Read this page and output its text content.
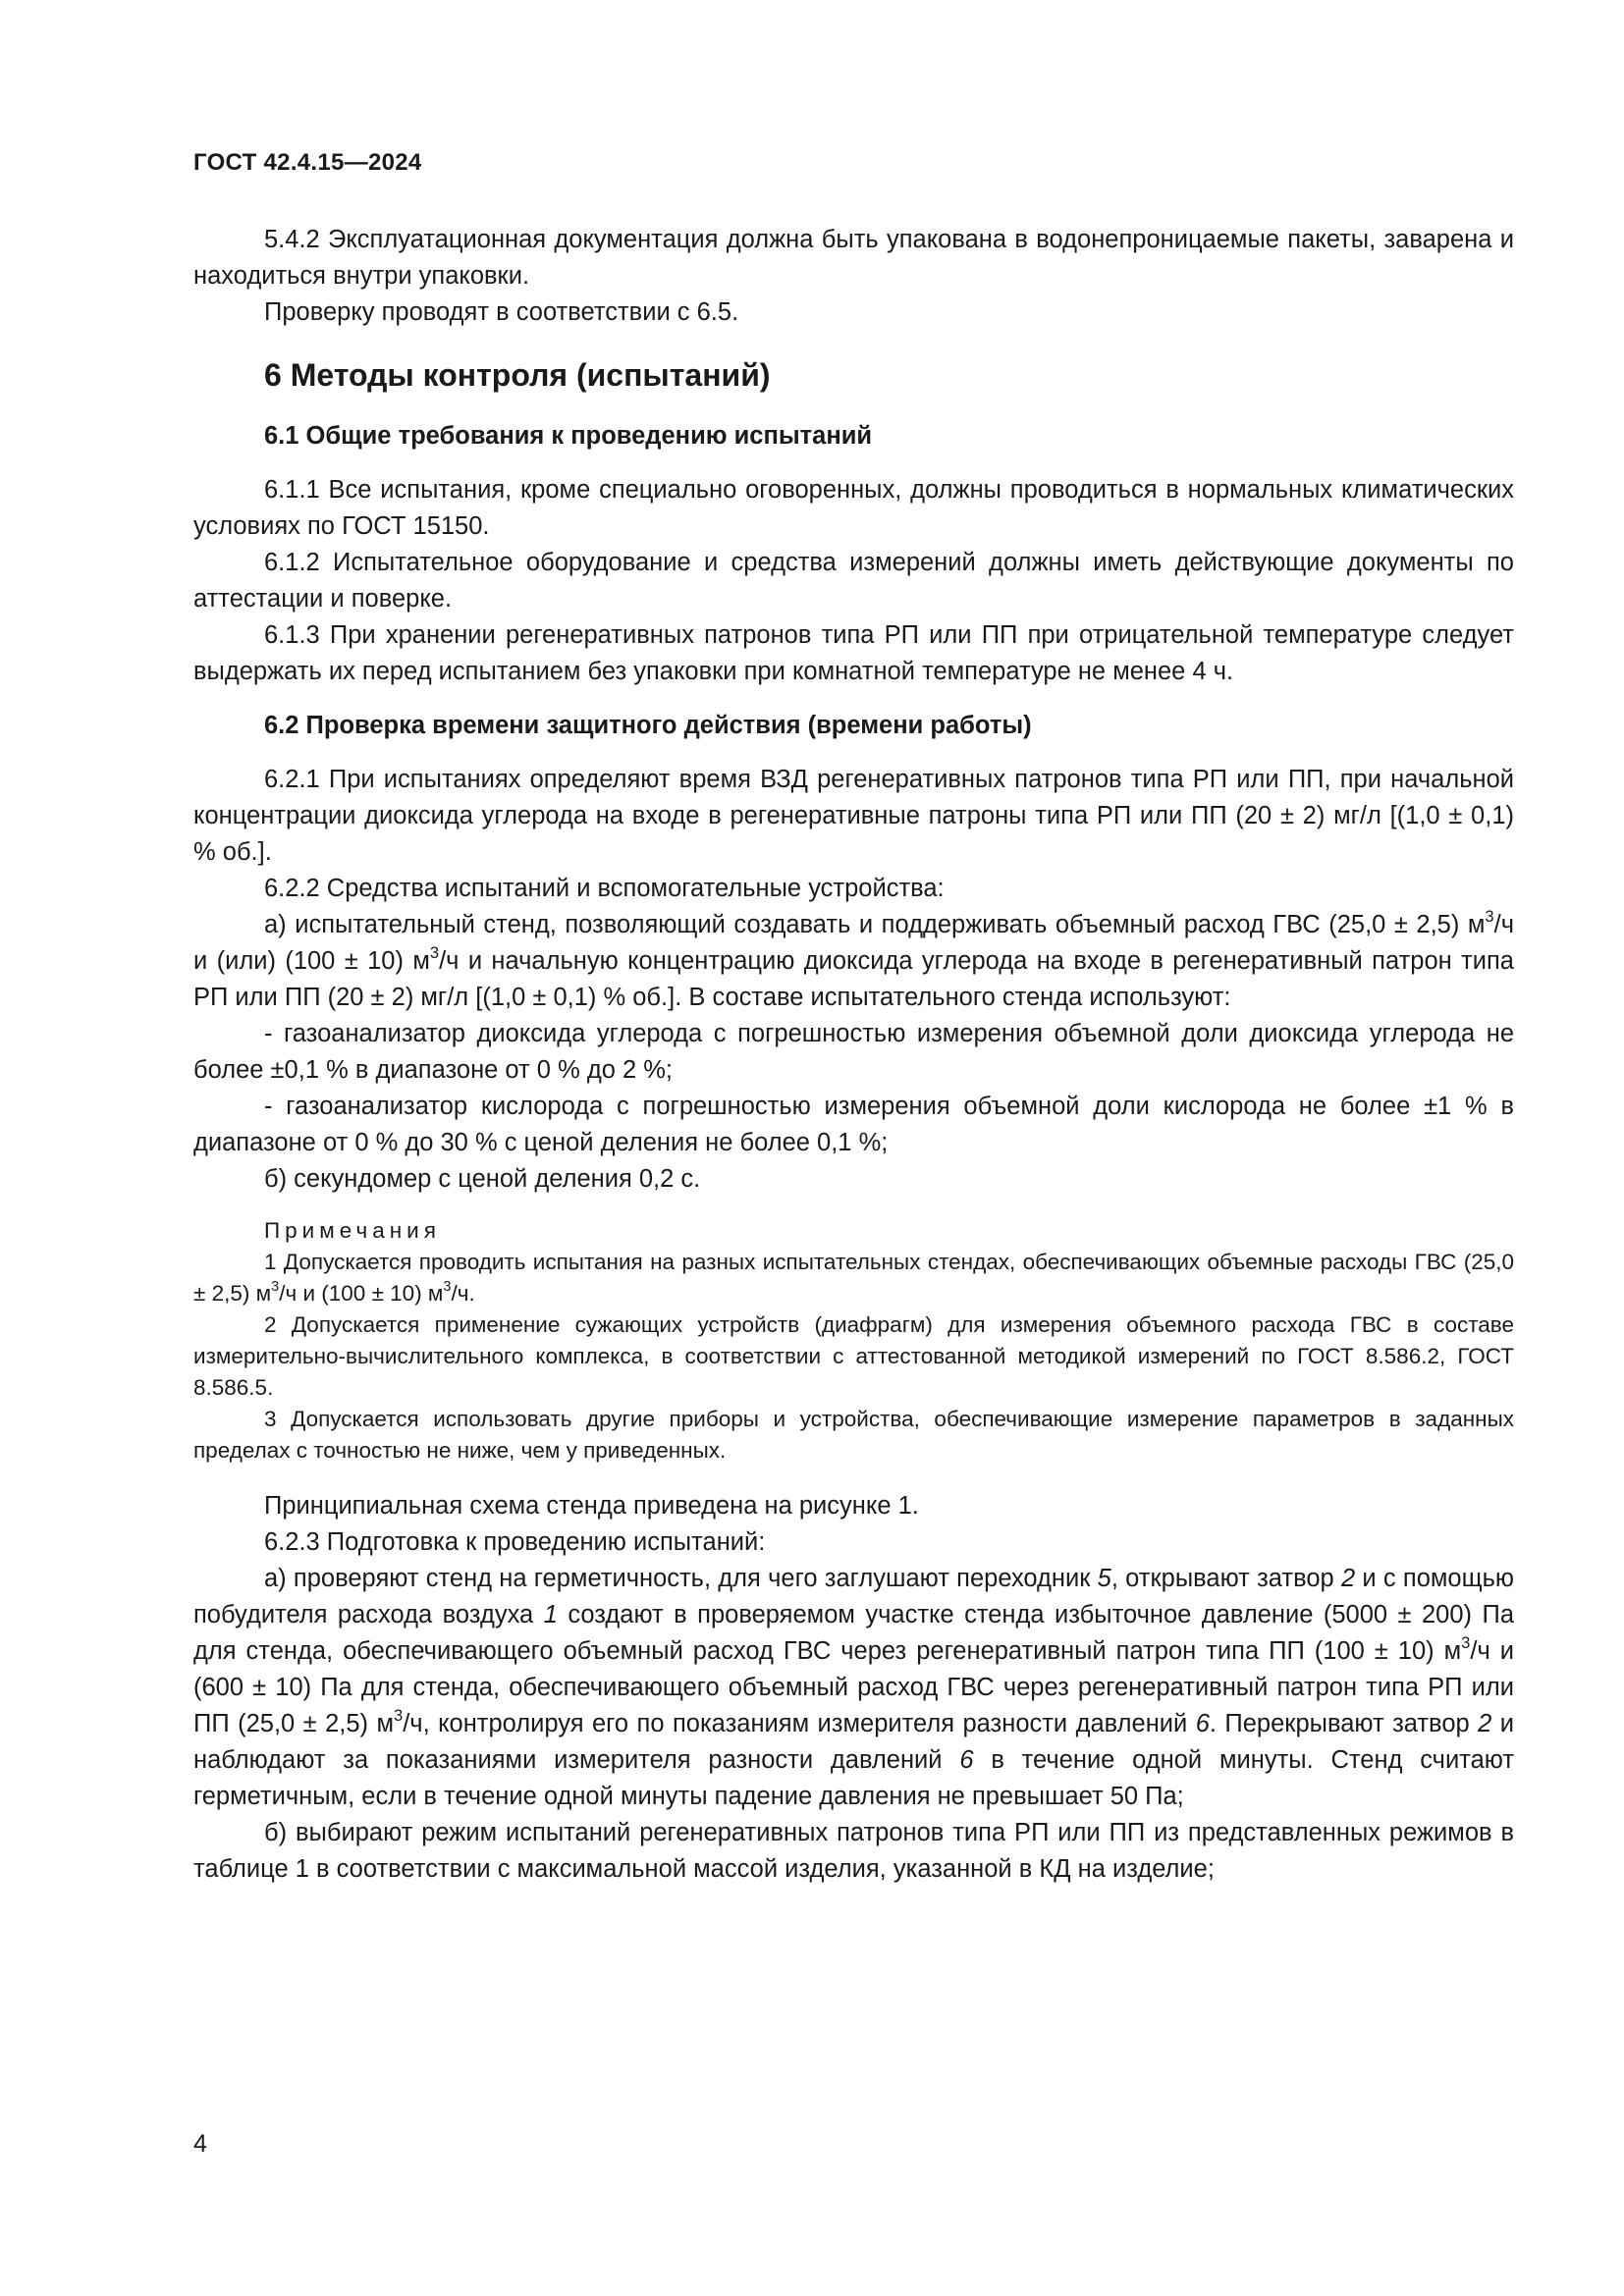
ГОСТ 42.4.15—2024

5.4.2 Эксплуатационная документация должна быть упакована в водонепроницаемые пакеты, заварена и находиться внутри упаковки.

Проверку проводят в соответствии с 6.5.

6 Методы контроля (испытаний)
6.1 Общие требования к проведению испытаний

6.1.1 Все испытания, кроме специально оговоренных, должны проводиться в нормальных климатических условиях по ГОСТ 15150.

6.1.2 Испытательное оборудование и средства измерений должны иметь действующие документы по аттестации и поверке.

6.1.3 При хранении регенеративных патронов типа РП или ПП при отрицательной температуре следует выдержать их перед испытанием без упаковки при комнатной температуре не менее 4 ч.

6.2 Проверка времени защитного действия (времени работы)

6.2.1 При испытаниях определяют время ВЗД регенеративных патронов типа РП или ПП, при начальной концентрации диоксида углерода на входе в регенеративные патроны типа РП или ПП (20 ± 2) мг/л [(1,0 ± 0,1) % об.].

6.2.2 Средства испытаний и вспомогательные устройства:

а) испытательный стенд, позволяющий создавать и поддерживать объемный расход ГВС (25,0 ± 2,5) $м^3/ч$ и (или) (100 ± 10) $м^3/ч$ и начальную концентрацию диоксида углерода на входе в регенеративный патрон типа РП или ПП (20 ± 2) мг/л [(1,0 ± 0,1) % об.]. В составе испытательного стенда используют:

- газоанализатор диоксида углерода с погрешностью измерения объемной доли диоксида углерода не более ±0,1 % в диапазоне от 0 % до 2 %;

- газоанализатор кислорода с погрешностью измерения объемной доли кислорода не более ±1 % в диапазоне от 0 % до 30 % с ценой деления не более 0,1 %;

б) секундомер с ценой деления 0,2 с.

Примечания

1 Допускается проводить испытания на разных испытательных стендах, обеспечивающих объемные расходы ГВС (25,0 ± 2,5) $м^3/ч$ и (100 ± 10) $м^3/ч$.

2 Допускается применение сужающих устройств (диафрагм) для измерения объемного расхода ГВС в составе измерительно-вычислительного комплекса, в соответствии с аттестованной методикой измерений по ГОСТ 8.586.2, ГОСТ 8.586.5.

3 Допускается использовать другие приборы и устройства, обеспечивающие измерение параметров в заданных пределах с точностью не ниже, чем у приведенных.

Принципиальная схема стенда приведена на рисунке 1.

6.2.3 Подготовка к проведению испытаний:

а) проверяют стенд на герметичность, для чего заглушают переходник 5, открывают затвор 2 и с помощью побудителя расхода воздуха 1 создают в проверяемом участке стенда избыточное давление (5000 ± 200) Па для стенда, обеспечивающего объемный расход ГВС через регенеративный патрон типа ПП (100 ± 10) $м^3/ч$ и (600 ± 10) Па для стенда, обеспечивающего объемный расход ГВС через регенеративный патрон типа РП или ПП (25,0 ± 2,5) $м^3/ч$, контролируя его по показаниям измерителя разности давлений 6. Перекрывают затвор 2 и наблюдают за показаниями измерителя разности давлений 6 в течение одной минуты. Стенд считают герметичным, если в течение одной минуты падение давления не превышает 50 Па;

б) выбирают режим испытаний регенеративных патронов типа РП или ПП из представленных режимов в таблице 1 в соответствии с максимальной массой изделия, указанной в КД на изделие;

4
